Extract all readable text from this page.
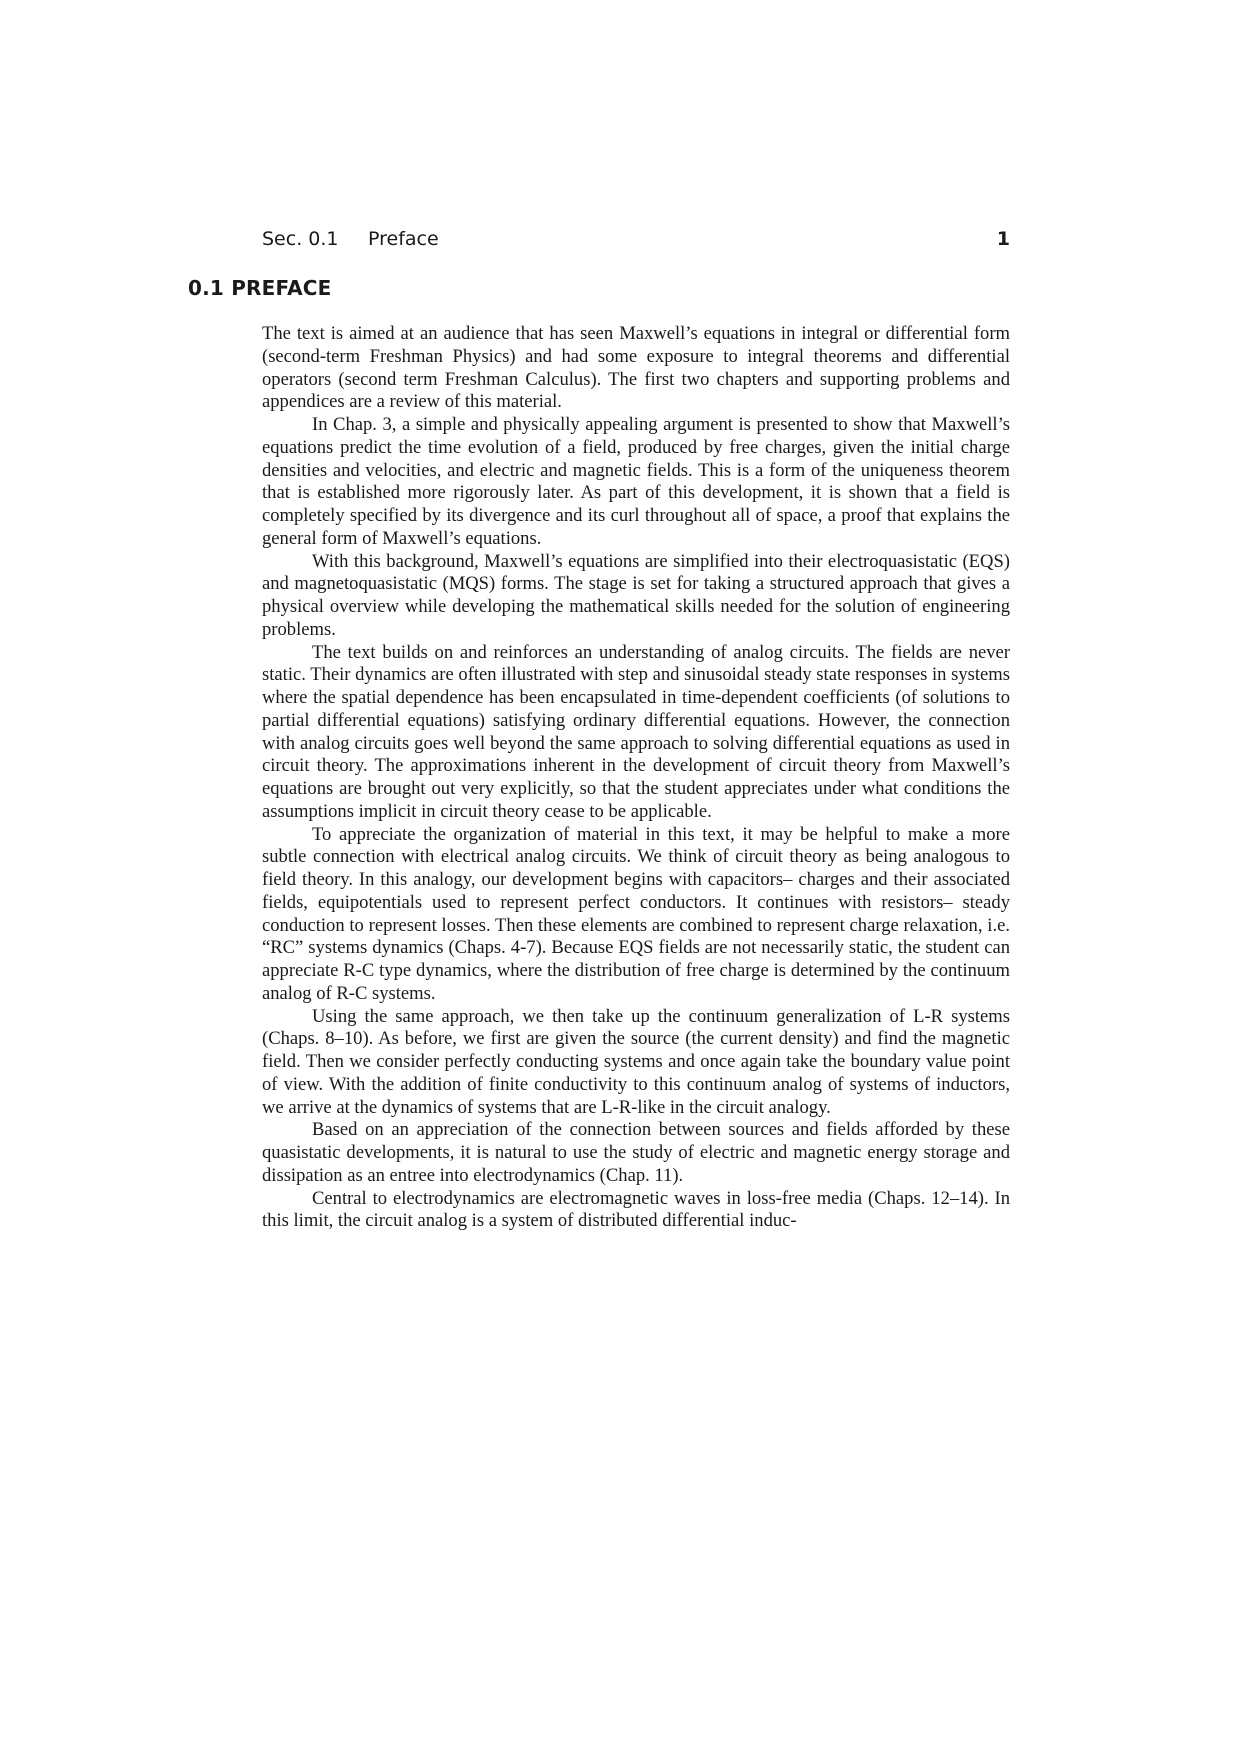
Sec. 0.1 Preface	1
0.1 PREFACE

The text is aimed at an audience that has seen Maxwell’s equations in integral or differential form (second-term Freshman Physics) and had some exposure to integral theorems and differential operators (second term Freshman Calculus). The first two chapters and supporting problems and appendices are a review of this material.

In Chap. 3, a simple and physically appealing argument is presented to show that Maxwell’s equations predict the time evolution of a field, produced by free charges, given the initial charge densities and velocities, and electric and magnetic fields. This is a form of the uniqueness theorem that is established more rigorously later. As part of this development, it is shown that a field is completely specified by its divergence and its curl throughout all of space, a proof that explains the general form of Maxwell’s equations.

With this background, Maxwell’s equations are simplified into their electroquasistatic (EQS) and magnetoquasistatic (MQS) forms. The stage is set for taking a structured approach that gives a physical overview while developing the mathematical skills needed for the solution of engineering problems.

The text builds on and reinforces an understanding of analog circuits. The fields are never static. Their dynamics are often illustrated with step and sinusoidal steady state responses in systems where the spatial dependence has been encapsulated in time-dependent coefficients (of solutions to partial differential equations) satisfying ordinary differential equations. However, the connection with analog circuits goes well beyond the same approach to solving differential equations as used in circuit theory. The approximations inherent in the development of circuit theory from Maxwell’s equations are brought out very explicitly, so that the student appreciates under what conditions the assumptions implicit in circuit theory cease to be applicable.

To appreciate the organization of material in this text, it may be helpful to make a more subtle connection with electrical analog circuits. We think of circuit theory as being analogous to field theory. In this analogy, our development begins with capacitors– charges and their associated fields, equipotentials used to represent perfect conductors. It continues with resistors– steady conduction to represent losses. Then these elements are combined to represent charge relaxation, i.e. “RC” systems dynamics (Chaps. 4-7). Because EQS fields are not necessarily static, the student can appreciate R-C type dynamics, where the distribution of free charge is determined by the continuum analog of R-C systems.

Using the same approach, we then take up the continuum generalization of L-R systems (Chaps. 8–10). As before, we first are given the source (the current density) and find the magnetic field. Then we consider perfectly conducting systems and once again take the boundary value point of view. With the addition of finite conductivity to this continuum analog of systems of inductors, we arrive at the dynamics of systems that are L-R-like in the circuit analogy.

Based on an appreciation of the connection between sources and fields afforded by these quasistatic developments, it is natural to use the study of electric and magnetic energy storage and dissipation as an entree into electrodynamics (Chap. 11).

Central to electrodynamics are electromagnetic waves in loss-free media (Chaps. 12–14). In this limit, the circuit analog is a system of distributed differential induc-
